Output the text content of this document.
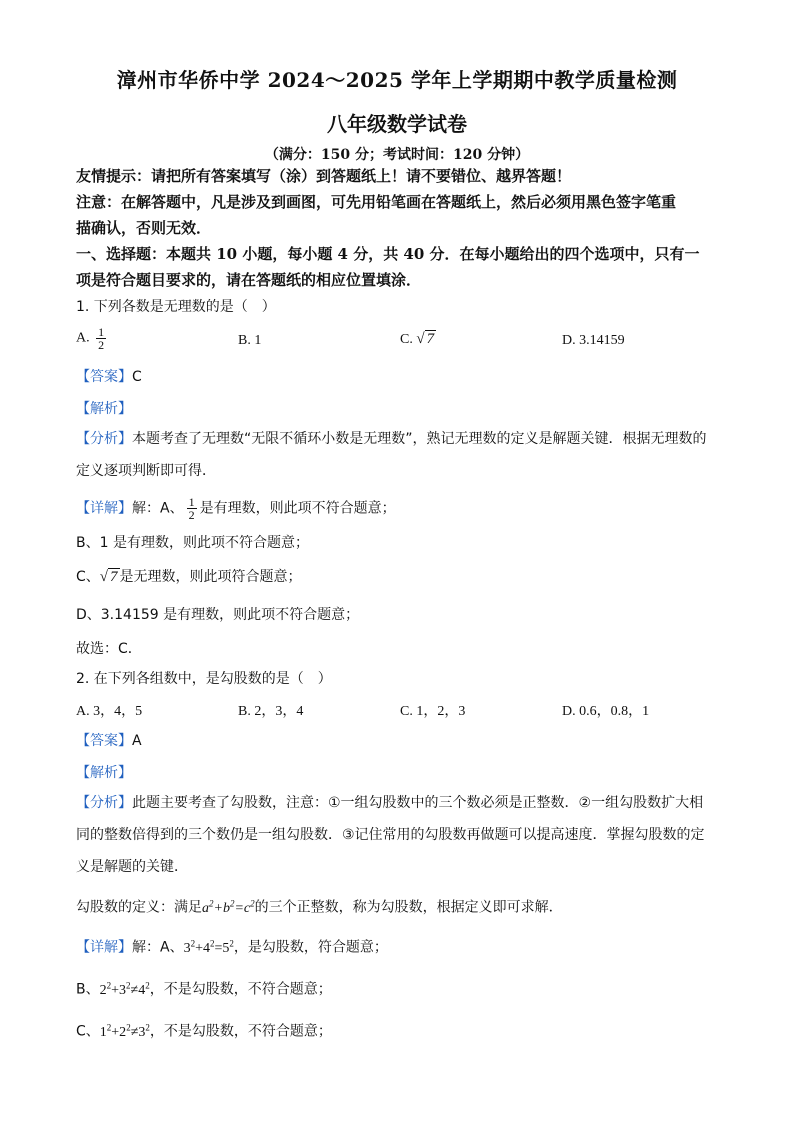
漳州市华侨中学 2024～2025 学年上学期期中教学质量检测
八年级数学试卷
（满分：150 分；考试时间：120 分钟）
友情提示：请把所有答案填写（涂）到答题纸上！请不要错位、越界答题！
注意：在解答题中，凡是涉及到画图，可先用铅笔画在答题纸上，然后必须用黑色签字笔重
描确认，否则无效．
一、选择题：本题共 10 小题，每小题 4 分，共 40 分．在每小题给出的四个选项中，只有一
项是符合题目要求的，请在答题纸的相应位置填涂．
1. 下列各数是无理数的是（　）
A. $\frac{1}{2}$	B. 1	C. √ 7	D. 3.14159
【答案】C
【解析】
【分析】本题考查了无理数“无限不循环小数是无理数”，熟记无理数的定义是解题关键．根据无理数的
定义逐项判断即可得．
【详解】解：A、 $\frac{1}{2}$ 是有理数，则此项不符合题意；
B、1 是有理数，则此项不符合题意；
C、√ 7 是无理数，则此项符合题意；
D、3.14159 是有理数，则此项不符合题意；
故选：C．
2. 在下列各组数中，是勾股数的是（　）
A. 3，4，5	B. 2，3，4	C. 1，2，3	D. 0.6，0.8，1
【答案】A
【解析】
【分析】此题主要考查了勾股数，注意：①一组勾股数中的三个数必须是正整数．②一组勾股数扩大相
同的整数倍得到的三个数仍是一组勾股数．③记住常用的勾股数再做题可以提高速度．掌握勾股数的定
义是解题的关键．
勾股数的定义：满足$a^2+b^2=c^2$的三个正整数，称为勾股数，根据定义即可求解．
【详解】解：A、$3^2+4^2=5^2$，是勾股数，符合题意；
B、$2^2+3^2\ne 4^2$，不是勾股数，不符合题意；
C、$1^2+2^2\ne 3^2$，不是勾股数，不符合题意；
